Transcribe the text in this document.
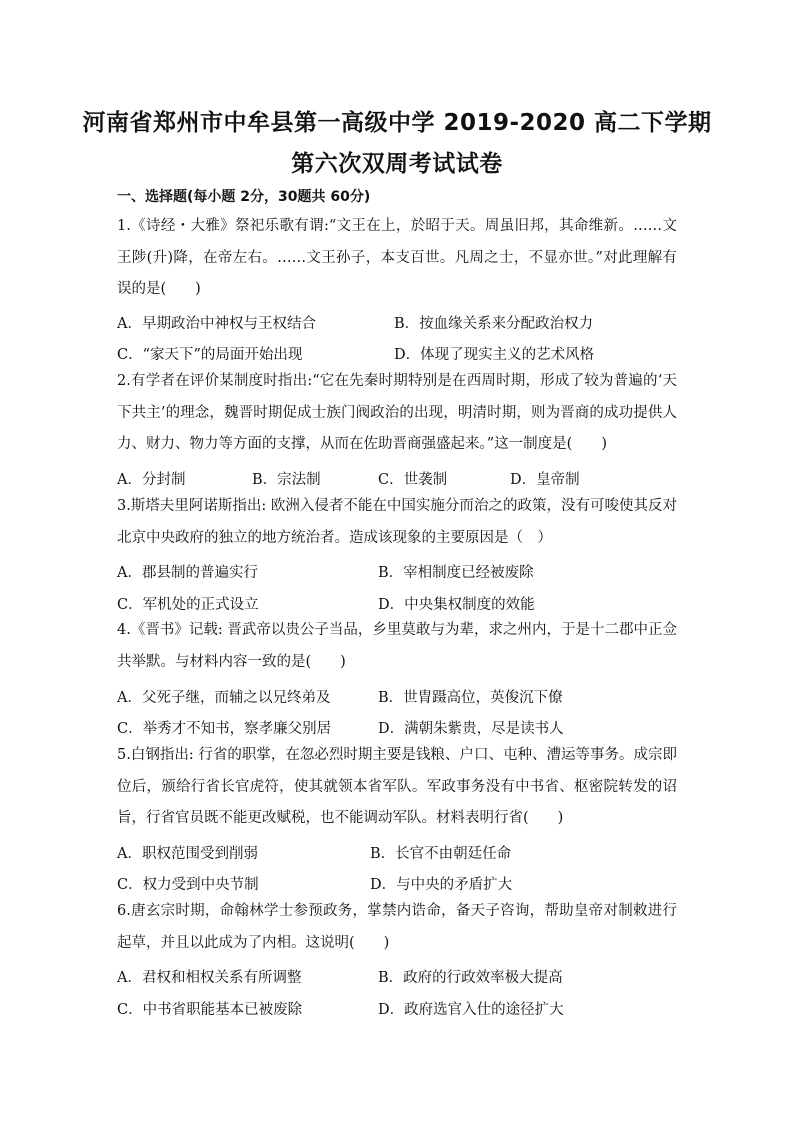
河南省郑州市中牟县第一高级中学 2019-2020 高二下学期
第六次双周考试试卷
一、选择题(每小题 2分，30题共 60分)
1.《诗经・大雅》祭祀乐歌有谓:“文王在上，於昭于天。周虽旧邦，其命维新。……文王陟(升)降，在帝左右。……文王孙子，本支百世。凡周之士，不显亦世。”对此理解有误的是(　　)
A．早期政治中神权与王权结合	B．按血缘关系来分配政治权力
C．“家天下”的局面开始出现	D．体现了现实主义的艺术风格
2.有学者在评价某制度时指出:“它在先秦时期特别是在西周时期，形成了较为普遍的‘天下共主’的理念，魏晋时期促成士族门阀政治的出现，明清时期，则为晋商的成功提供人力、财力、物力等方面的支撑，从而在佐助晋商强盛起来。”这一制度是(　　)
A．分封制	B．宗法制	C．世袭制	D．皇帝制
3.斯塔夫里阿诺斯指出: 欧洲入侵者不能在中国实施分而治之的政策，没有可唆使其反对北京中央政府的独立的地方统治者。造成该现象的主要原因是（　）
A．郡县制的普遍实行	B．宰相制度已经被废除
C．军机处的正式设立	D．中央集权制度的效能
4.《晋书》记载: 晋武帝以贵公子当品，乡里莫敢与为辈，求之州内，于是十二郡中正佥共举默。与材料内容一致的是(　　)
A．父死子继，而辅之以兄终弟及	B．世胄蹑高位，英俊沉下僚
C．举秀才不知书，察孝廉父别居	D．满朝朱紫贵，尽是读书人
5.白钢指出: 行省的职掌，在忽必烈时期主要是钱粮、户口、屯种、漕运等事务。成宗即位后，颁给行省长官虎符，使其就领本省军队。军政事务没有中书省、枢密院转发的诏旨，行省官员既不能更改赋税，也不能调动军队。材料表明行省(　　)
A．职权范围受到削弱	B．长官不由朝廷任命
C．权力受到中央节制	D．与中央的矛盾扩大
6.唐玄宗时期，命翰林学士参预政务，掌禁内诰命，备天子咨询，帮助皇帝对制敕进行起草，并且以此成为了内相。这说明(　　)
A．君权和相权关系有所调整	B．政府的行政效率极大提高
C．中书省职能基本已被废除	D．政府选官入仕的途径扩大
